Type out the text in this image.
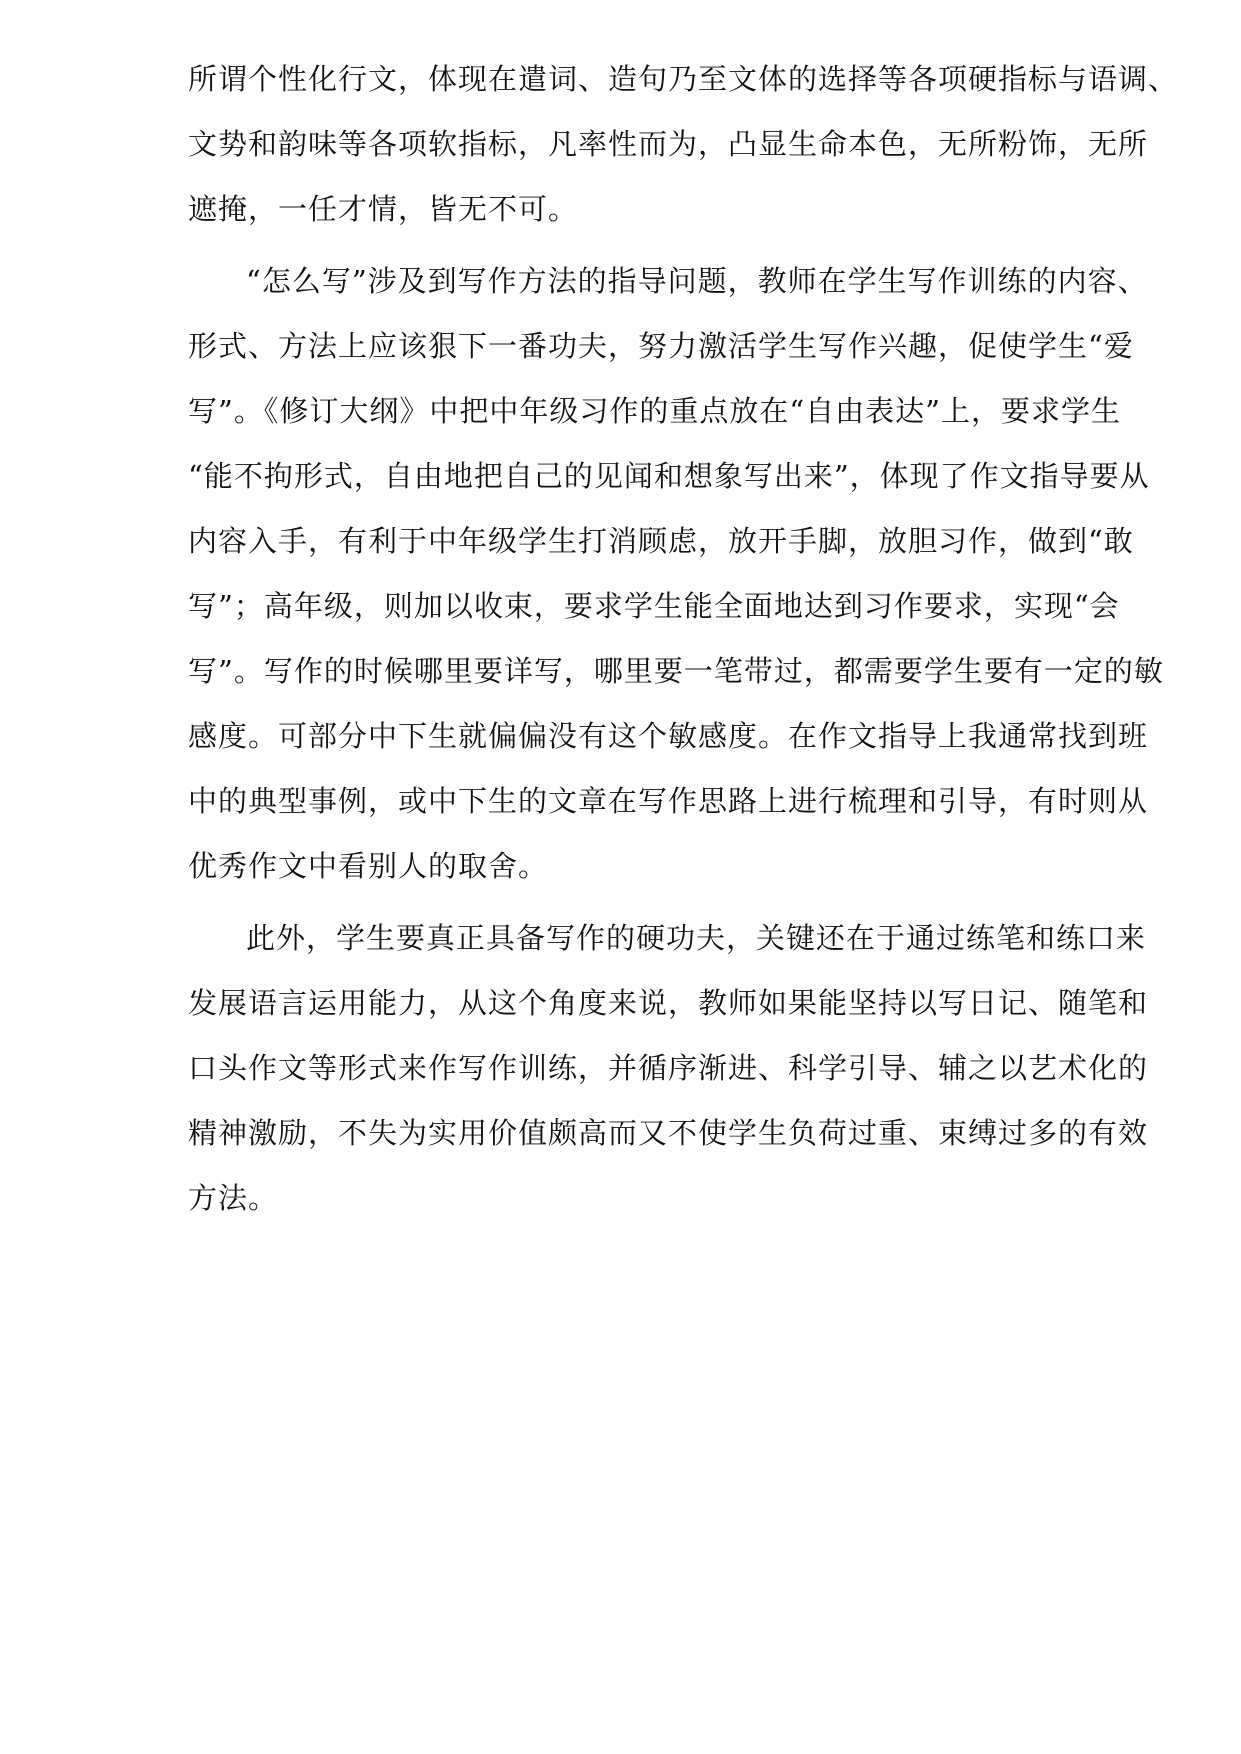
所谓个性化行文，体现在遣词、造句乃至文体的选择等各项硬指标与语调、
文势和韵味等各项软指标，凡率性而为，凸显生命本色，无所粉饰，无所
遮掩，一任才情，皆无不可。

“怎么写”涉及到写作方法的指导问题，教师在学生写作训练的内容、
形式、方法上应该狠下一番功夫，努力激活学生写作兴趣，促使学生“爱
写”。《修订大纲》中把中年级习作的重点放在“自由表达”上，要求学生
“能不拘形式，自由地把自己的见闻和想象写出来”，体现了作文指导要从
内容入手，有利于中年级学生打消顾虑，放开手脚，放胆习作，做到“敢
写”；高年级，则加以收束，要求学生能全面地达到习作要求，实现“会
写”。写作的时候哪里要详写，哪里要一笔带过，都需要学生要有一定的敏
感度。可部分中下生就偏偏没有这个敏感度。在作文指导上我通常找到班
中的典型事例，或中下生的文章在写作思路上进行梳理和引导，有时则从
优秀作文中看别人的取舍。

此外，学生要真正具备写作的硬功夫，关键还在于通过练笔和练口来
发展语言运用能力，从这个角度来说，教师如果能坚持以写日记、随笔和
口头作文等形式来作写作训练，并循序渐进、科学引导、辅之以艺术化的
精神激励，不失为实用价值颇高而又不使学生负荷过重、束缚过多的有效
方法。
